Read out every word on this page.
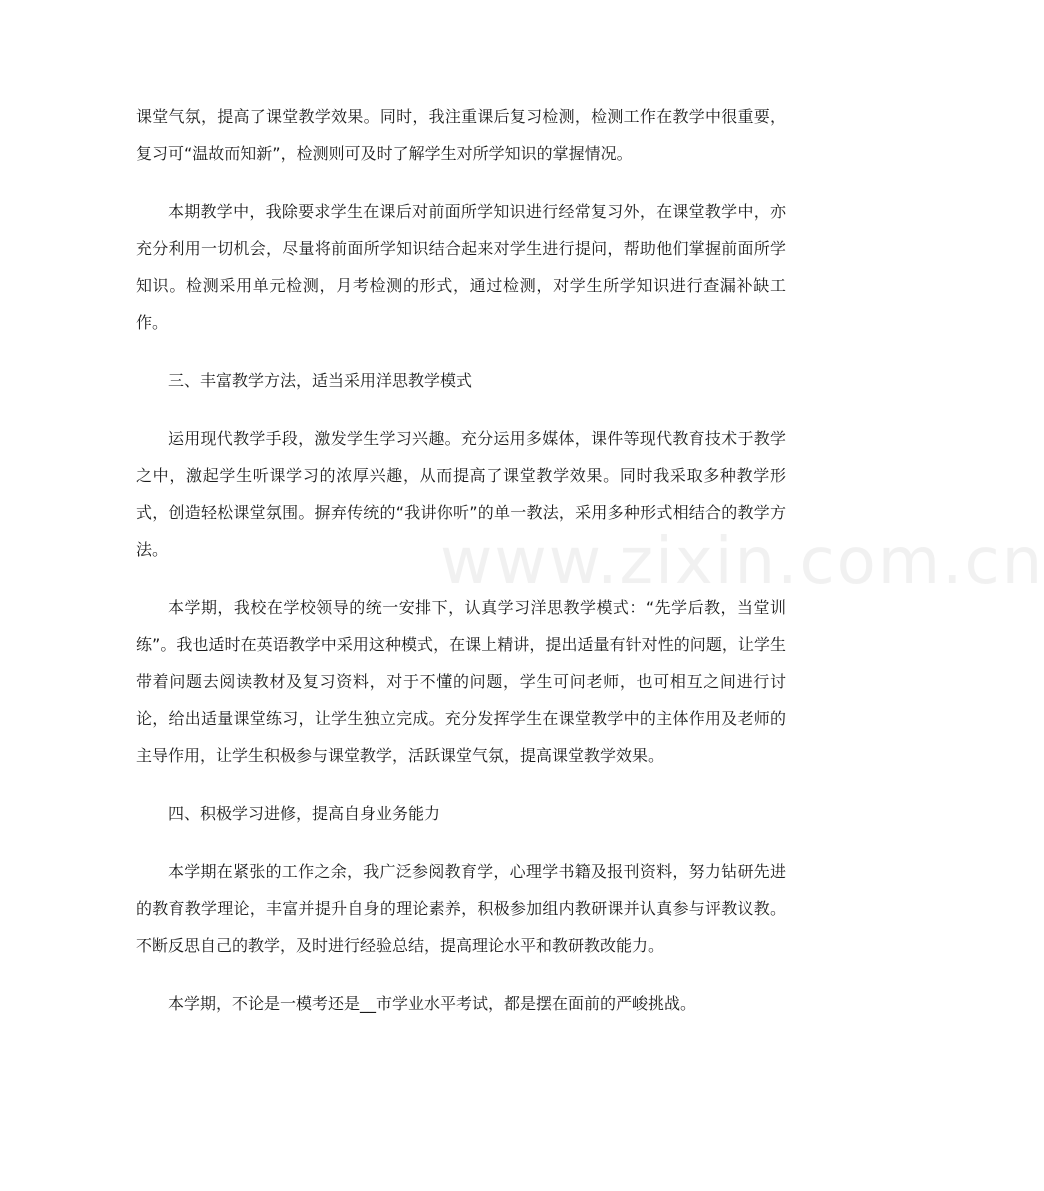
课堂气氛，提高了课堂教学效果。同时，我注重课后复习检测，检测工作在教学中很重要，复习可“温故而知新”，检测则可及时了解学生对所学知识的掌握情况。

本期教学中，我除要求学生在课后对前面所学知识进行经常复习外，在课堂教学中，亦充分利用一切机会，尽量将前面所学知识结合起来对学生进行提问，帮助他们掌握前面所学知识。检测采用单元检测，月考检测的形式，通过检测，对学生所学知识进行查漏补缺工作。

三、丰富教学方法，适当采用洋思教学模式

运用现代教学手段，激发学生学习兴趣。充分运用多媒体，课件等现代教育技术于教学之中，激起学生听课学习的浓厚兴趣，从而提高了课堂教学效果。同时我采取多种教学形式，创造轻松课堂氛围。摒弃传统的“我讲你听”的单一教法，采用多种形式相结合的教学方法。

本学期，我校在学校领导的统一安排下，认真学习洋思教学模式：“先学后教，当堂训练”。我也适时在英语教学中采用这种模式，在课上精讲，提出适量有针对性的问题，让学生带着问题去阅读教材及复习资料，对于不懂的问题，学生可问老师，也可相互之间进行讨论，给出适量课堂练习，让学生独立完成。充分发挥学生在课堂教学中的主体作用及老师的主导作用，让学生积极参与课堂教学，活跃课堂气氛，提高课堂教学效果。

四、积极学习进修，提高自身业务能力

本学期在紧张的工作之余，我广泛参阅教育学，心理学书籍及报刊资料，努力钻研先进的教育教学理论，丰富并提升自身的理论素养，积极参加组内教研课并认真参与评教议教。不断反思自己的教学，及时进行经验总结，提高理论水平和教研教改能力。

本学期，不论是一模考还是__市学业水平考试，都是摆在面前的严峻挑战。

www.zixin.com.cn
